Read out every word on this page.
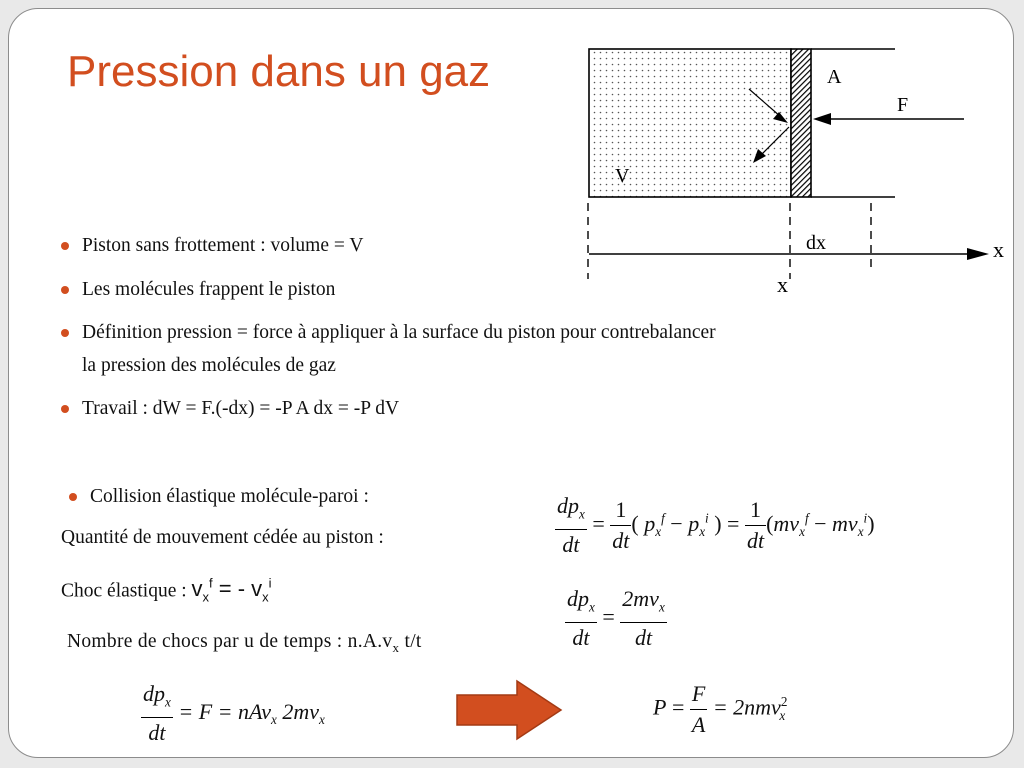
Pression dans un gaz	A
F
V
dx	x
x
Piston sans frottement : volume = V
Les molécules frappent le piston
Définition pression = force à appliquer à la surface du piston pour contrebalancer
la pression des molécules de gaz
Travail : dW = F.(-dx) = -P A dx = -P dV
Collision élastique molécule-paroi :
Quantité de mouvement cédée au piston :
Choc élastique : $v_x^f$ = - $v_x^i$
Nombre de chocs par u de temps : $n.A.v_x$ t/t
$\frac{dp_x}{dt} = \frac{1}{dt}$ ( $p_x^f - p_x^i$ ) = $\frac{1}{dt} (mv_x^f - mv_x^i)$
$\frac{dp_x}{dt} = \frac{2mv_x}{dt}$
$\frac{dp_x}{dt} = F = nAv_x$ $2mv_x$
$P = \frac{F}{A} = 2nmv^2_x$
